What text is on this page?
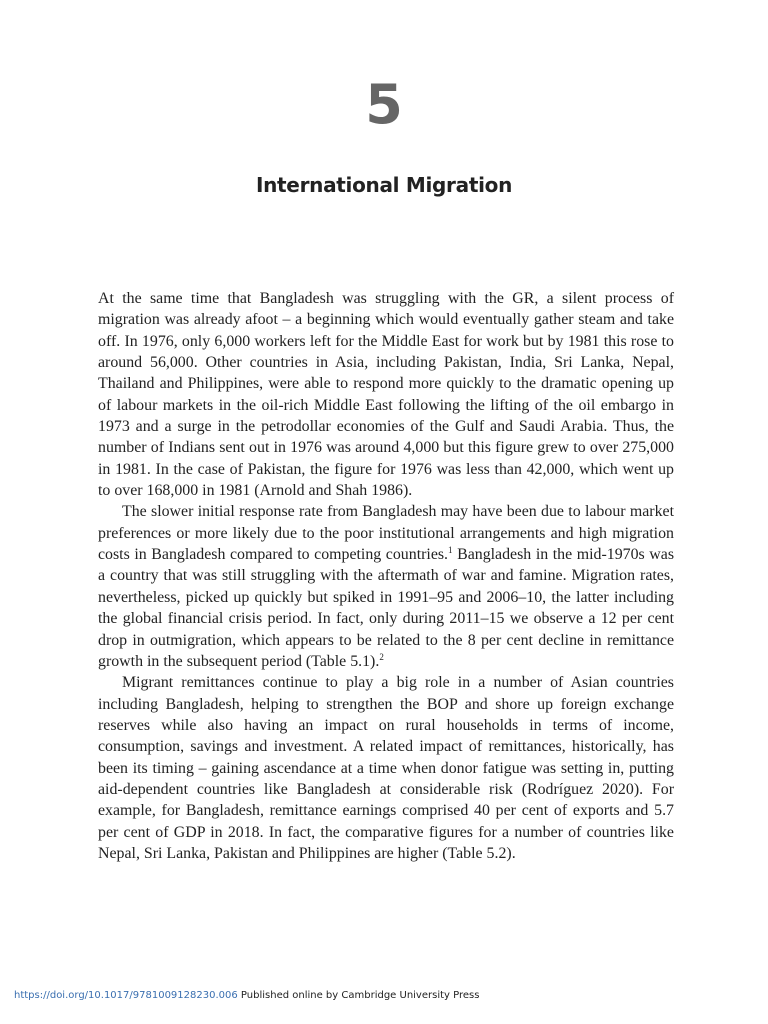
5
International Migration

At the same time that Bangladesh was struggling with the GR, a silent process of migration was already afoot – a beginning which would eventually gather steam and take off. In 1976, only 6,000 workers left for the Middle East for work but by 1981 this rose to around 56,000. Other countries in Asia, including Pakistan, India, Sri Lanka, Nepal, Thailand and Philippines, were able to respond more quickly to the dramatic opening up of labour markets in the oil-rich Middle East following the lifting of the oil embargo in 1973 and a surge in the petrodollar economies of the Gulf and Saudi Arabia. Thus, the number of Indians sent out in 1976 was around 4,000 but this figure grew to over 275,000 in 1981. In the case of Pakistan, the figure for 1976 was less than 42,000, which went up to over 168,000 in 1981 (Arnold and Shah 1986).

The slower initial response rate from Bangladesh may have been due to labour market preferences or more likely due to the poor institutional arrangements and high migration costs in Bangladesh compared to competing countries.$^1$ Bangladesh in the mid-1970s was a country that was still struggling with the aftermath of war and famine. Migration rates, nevertheless, picked up quickly but spiked in 1991–95 and 2006–10, the latter including the global financial crisis period. In fact, only during 2011–15 we observe a 12 per cent drop in outmigration, which appears to be related to the 8 per cent decline in remittance growth in the subsequent period (Table 5.1).$^2$

Migrant remittances continue to play a big role in a number of Asian countries including Bangladesh, helping to strengthen the BOP and shore up foreign exchange reserves while also having an impact on rural households in terms of income, consumption, savings and investment. A related impact of remittances, historically, has been its timing – gaining ascendance at a time when donor fatigue was setting in, putting aid-dependent countries like Bangladesh at considerable risk (Rodríguez 2020). For example, for Bangladesh, remittance earnings comprised 40 per cent of exports and 5.7 per cent of GDP in 2018. In fact, the comparative figures for a number of countries like Nepal, Sri Lanka, Pakistan and Philippines are higher (Table 5.2).

https://doi.org/10.1017/9781009128230.006 Published online by Cambridge University Press
